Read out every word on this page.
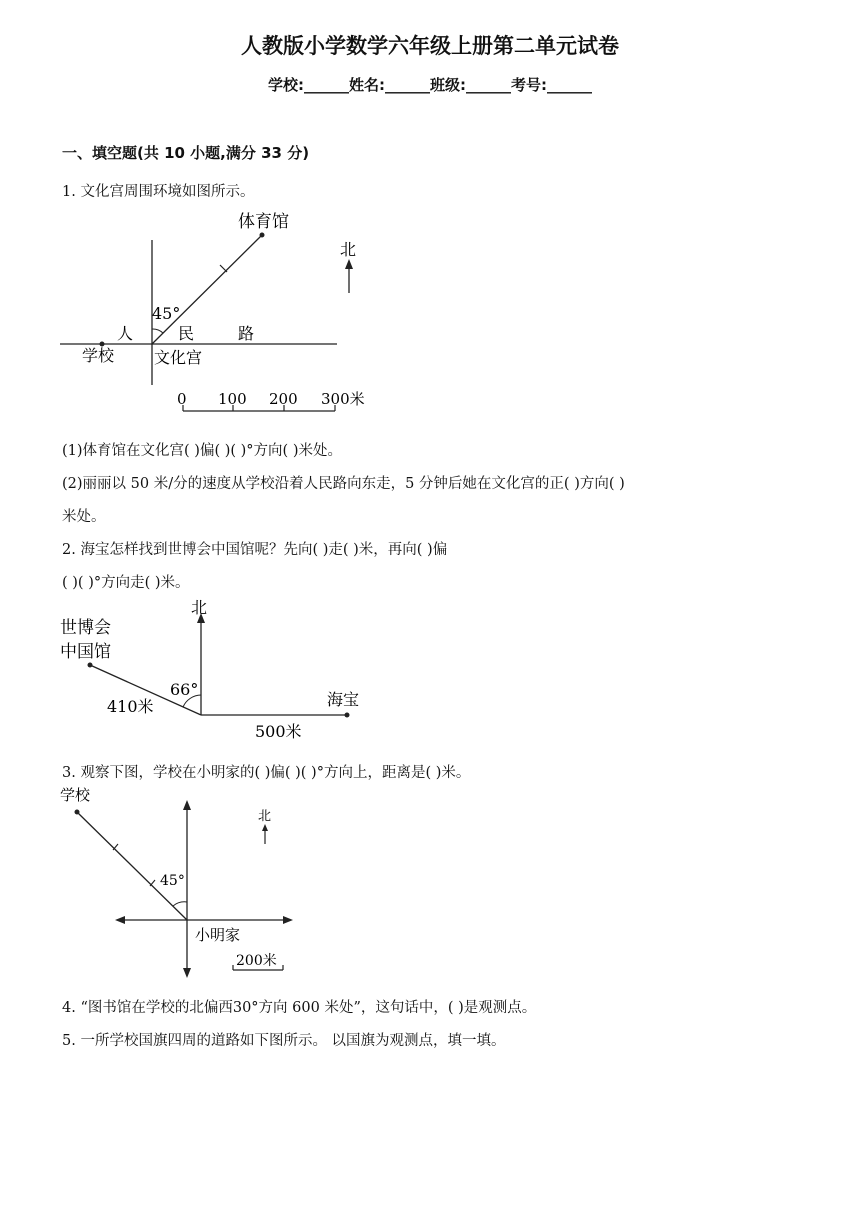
人教版小学数学六年级上册第二单元试卷
学校:______姓名:______班级:______考号:______
一、填空题(共 10 小题,满分 33 分)
1. 文化宫周围环境如图所示。
北
体育馆
45°
人	民	路
学校 文化宫
0 100 200 300米
(1)体育馆在文化宫( )偏( )( )°方向( )米处。
(2)丽丽以 50 米/分的速度从学校沿着人民路向东走，5 分钟后她在文化宫的正( )方向( )
米处。
2. 海宝怎样找到世博会中国馆呢？先向( )走( )米，再向( )偏
( )( )°方向走( )米。
北
世博会
中国馆
66°
410米	海宝
500米
3. 观察下图，学校在小明家的( )偏( )( )°方向上，距离是( )米。
学校
45°
北
小明家
200米
4. “图书馆在学校的北偏西30°方向 600 米处”，这句话中，( )是观测点。
5. 一所学校国旗四周的道路如下图所示。 以国旗为观测点，填一填。
